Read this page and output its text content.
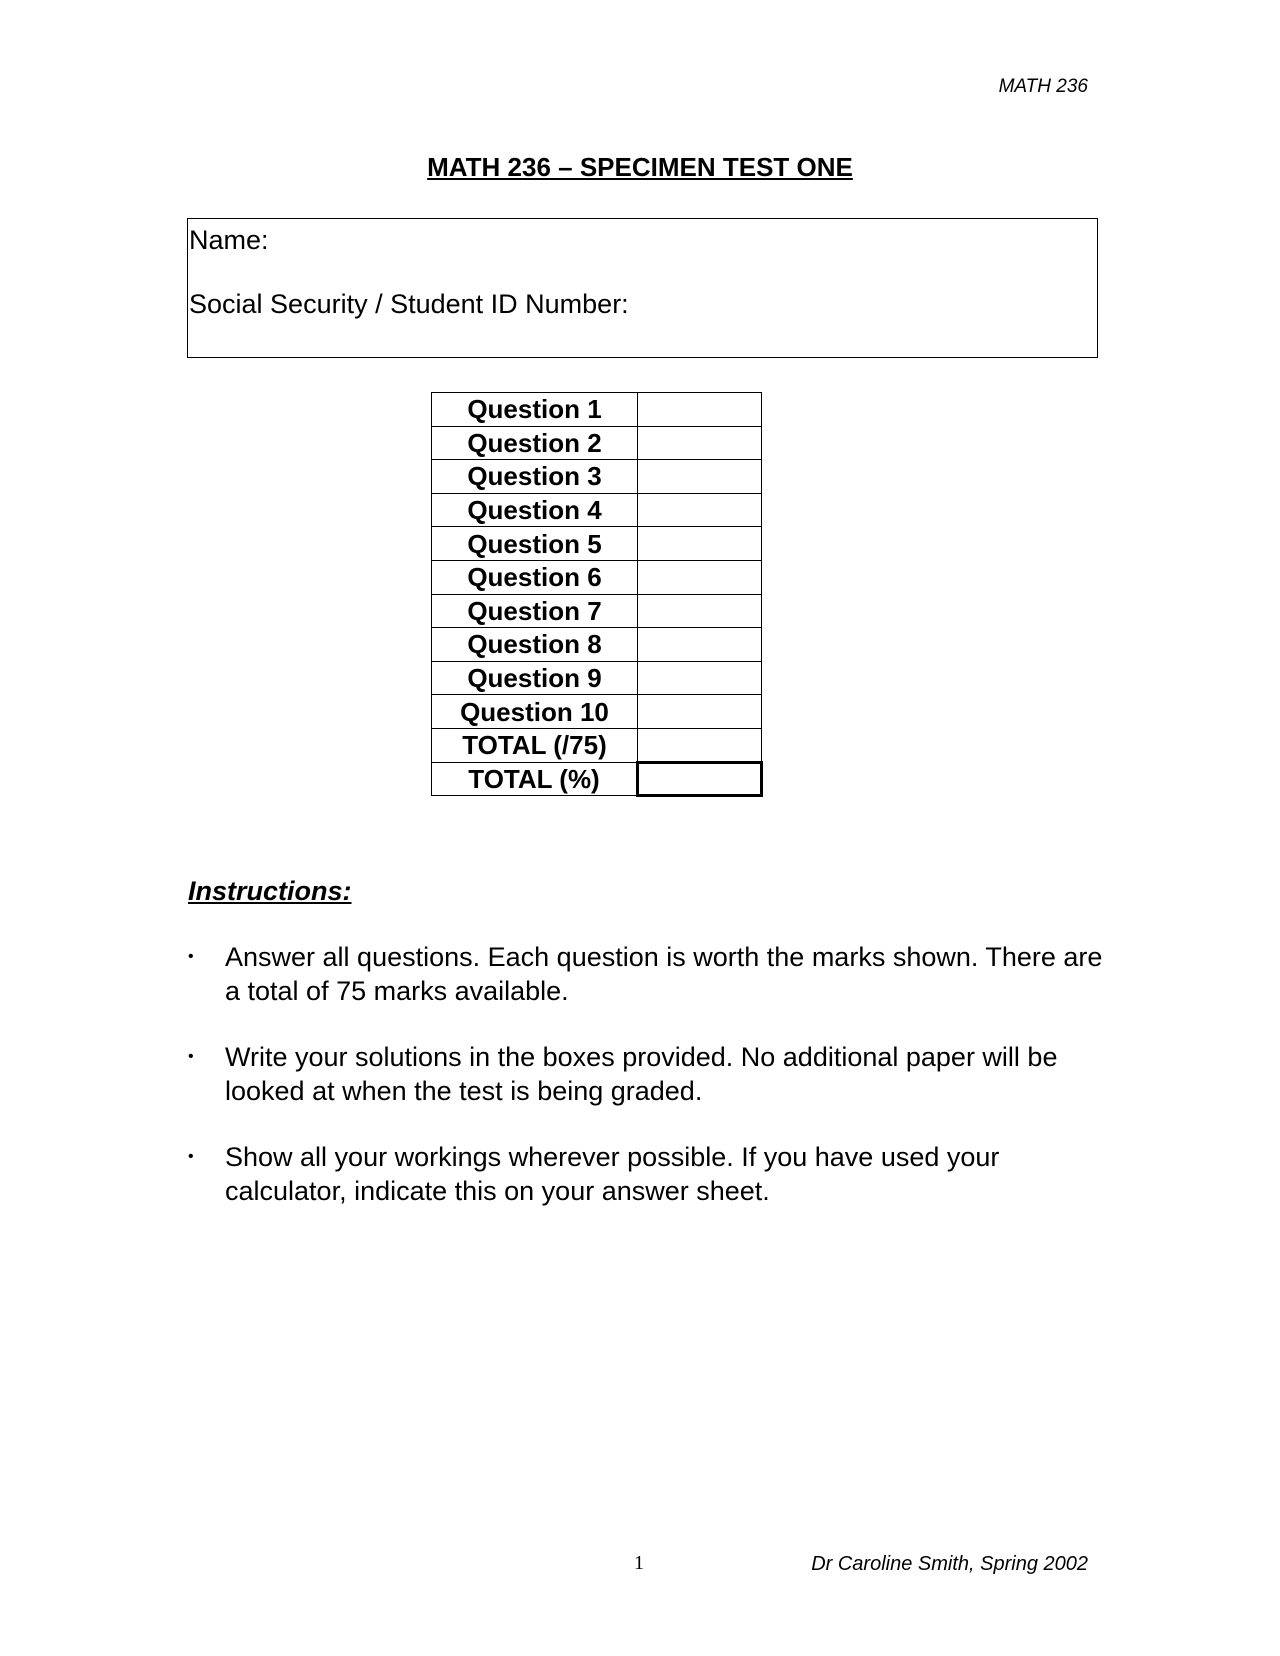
MATH 236
MATH 236 – SPECIMEN TEST ONE
Name:
Social Security / Student ID Number:
Question 1	
Question 2	
Question 3	
Question 4	
Question 5	
Question 6	
Question 7	
Question 8	
Question 9	
Question 10	
TOTAL (/75)	
TOTAL (%)	
Instructions:
• Answer all questions. Each question is worth the marks shown. There are a total of 75 marks available.
• Write your solutions in the boxes provided. No additional paper will be looked at when the test is being graded.
• Show all your workings wherever possible. If you have used your calculator, indicate this on your answer sheet.
1	Dr Caroline Smith, Spring 2002
